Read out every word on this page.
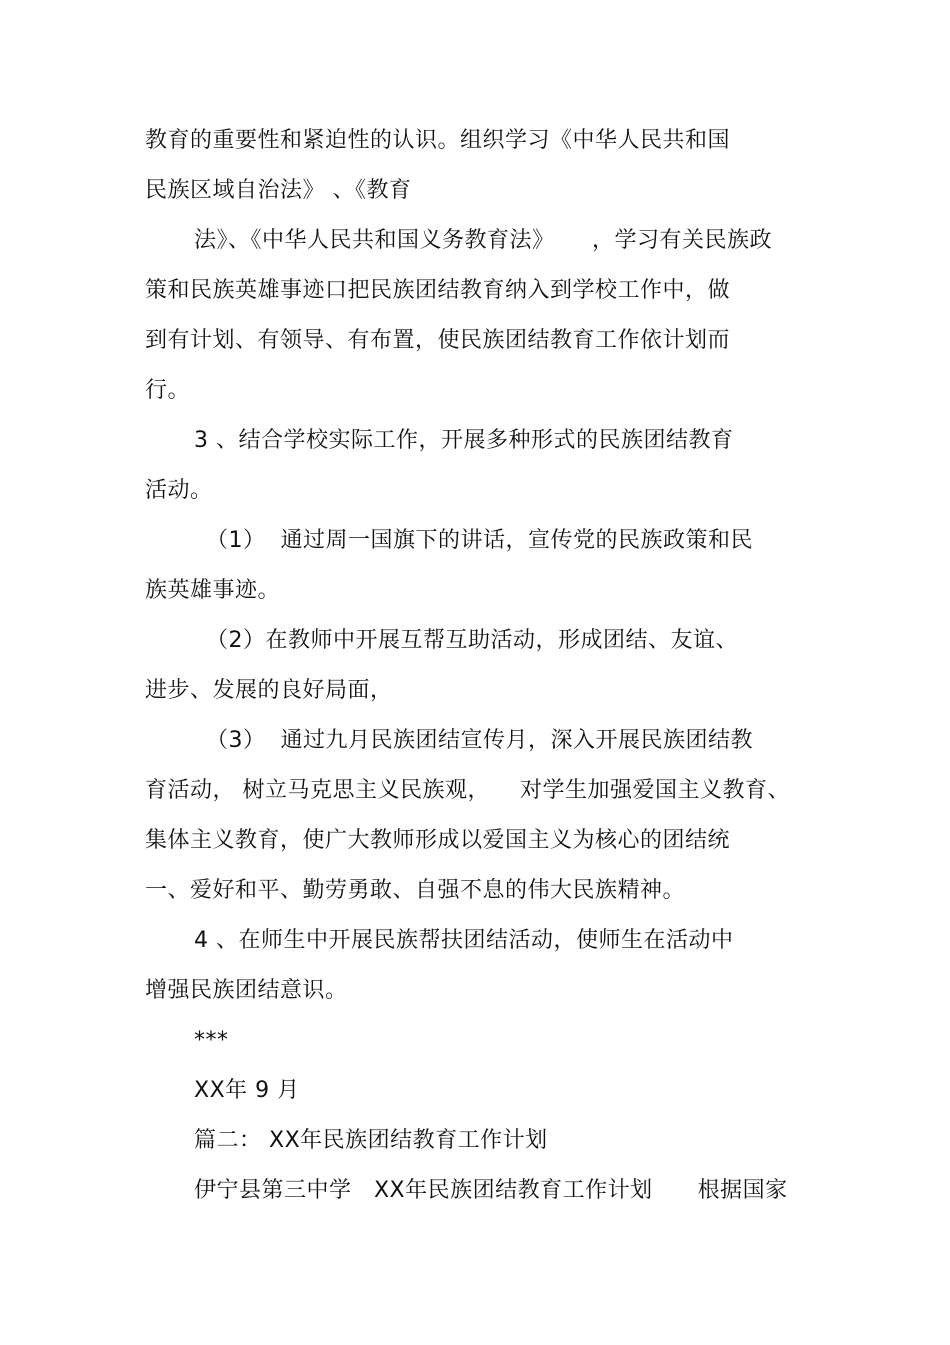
教育的重要性和紧迫性的认识。组织学习《中华人民共和国
民族区域自治法》 、《教育
法》、《中华人民共和国义务教育法》     ，学习有关民族政
策和民族英雄事迹口把民族团结教育纳入到学校工作中，做
到有计划、有领导、有布置，使民族团结教育工作依计划而
行。
3 、结合学校实际工作，开展多种形式的民族团结教育
活动。
（1）  通过周一国旗下的讲话，宣传党的民族政策和民
族英雄事迹。
（2）在教师中开展互帮互助活动，形成团结、友谊、
进步、发展的良好局面，
（3）  通过九月民族团结宣传月，深入开展民族团结教
育活动， 树立马克思主义民族观，    对学生加强爱国主义教育、
集体主义教育，使广大教师形成以爱国主义为核心的团结统
一、爱好和平、勤劳勇敢、自强不息的伟大民族精神。
4 、在师生中开展民族帮扶团结活动，使师生在活动中
增强民族团结意识。
***
XX年 9 月
篇二： XX年民族团结教育工作计划
伊宁县第三中学   XX年民族团结教育工作计划      根据国家
